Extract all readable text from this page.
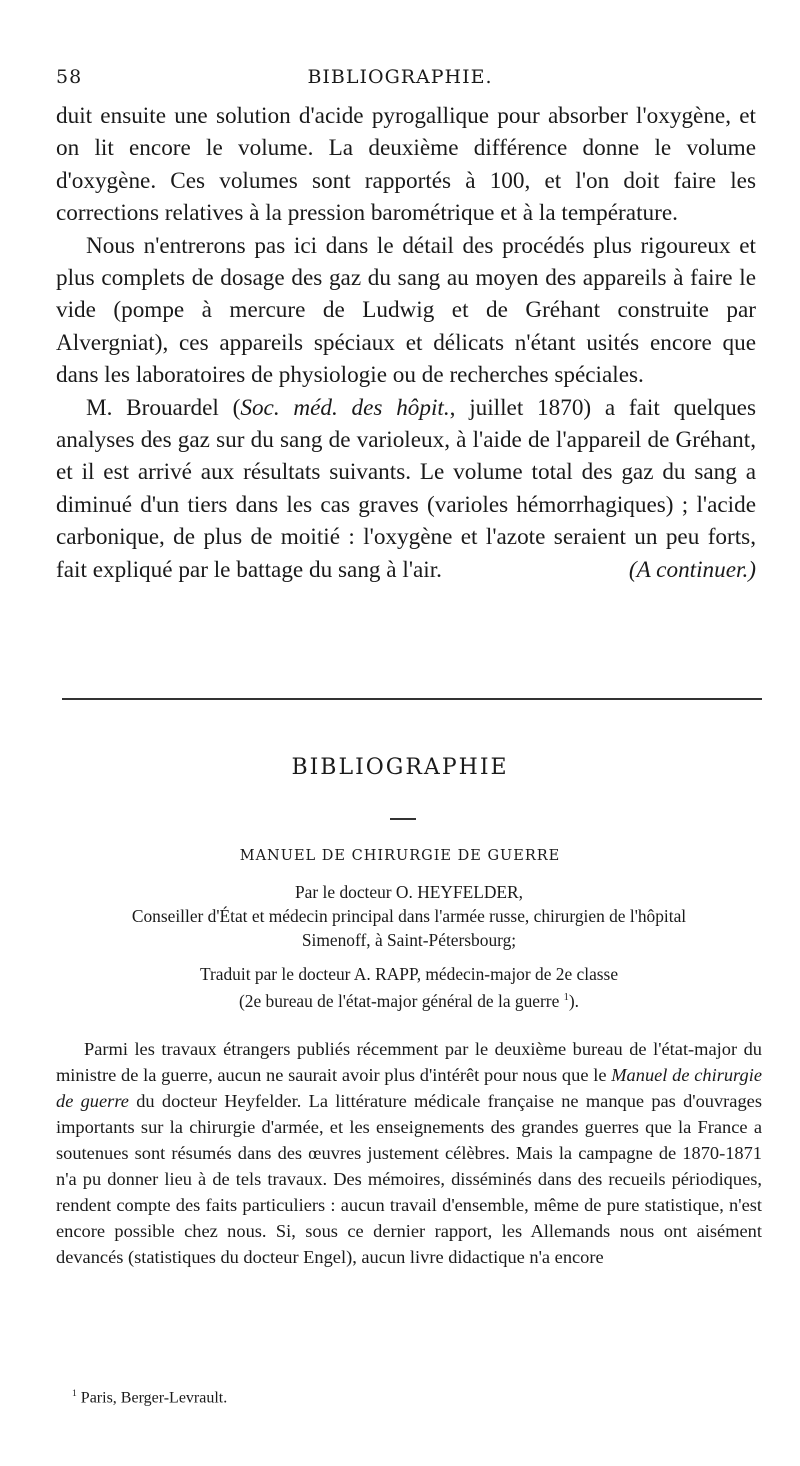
58	BIBLIOGRAPHIE.

duit ensuite une solution d'acide pyrogallique pour absorber l'oxygène, et on lit encore le volume. La deuxième différence donne le volume d'oxygène. Ces volumes sont rapportés à 100, et l'on doit faire les corrections relatives à la pression barométrique et à la température.

Nous n'entrerons pas ici dans le détail des procédés plus rigoureux et plus complets de dosage des gaz du sang au moyen des appareils à faire le vide (pompe à mercure de Ludwig et de Gréhant construite par Alvergniat), ces appareils spéciaux et délicats n'étant usités encore que dans les laboratoires de physiologie ou de recherches spéciales.

M. Brouardel (Soc. méd. des hôpit., juillet 1870) a fait quelques analyses des gaz sur du sang de varioleux, à l'aide de l'appareil de Gréhant, et il est arrivé aux résultats suivants. Le volume total des gaz du sang a diminué d'un tiers dans les cas graves (varioles hémorrhagiques) ; l'acide carbonique, de plus de moitié : l'oxygène et l'azote seraient un peu forts, fait expliqué par le battage du sang à l'air.	(A continuer.)

BIBLIOGRAPHIE
MANUEL DE CHIRURGIE DE GUERRE
Par le docteur O. HEYFELDER,
Conseiller d'État et médecin principal dans l'armée russe, chirurgien de l'hôpital
Simenoff, à Saint-Pétersbourg;
Traduit par le docteur A. RAPP, médecin-major de 2e classe
(2e bureau de l'état-major général de la guerre $^1$).

Parmi les travaux étrangers publiés récemment par le deuxième bureau de l'état-major du ministre de la guerre, aucun ne saurait avoir plus d'intérêt pour nous que le Manuel de chirurgie de guerre du docteur Heyfelder. La littérature médicale française ne manque pas d'ouvrages importants sur la chirurgie d'armée, et les enseignements des grandes guerres que la France a soutenues sont résumés dans des œuvres justement célèbres. Mais la campagne de 1870-1871 n'a pu donner lieu à de tels travaux. Des mémoires, disséminés dans des recueils périodiques, rendent compte des faits particuliers : aucun travail d'ensemble, même de pure statistique, n'est encore possible chez nous. Si, sous ce dernier rapport, les Allemands nous ont aisément devancés (statistiques du docteur Engel), aucun livre didactique n'a encore

$^1$ Paris, Berger-Levrault.
